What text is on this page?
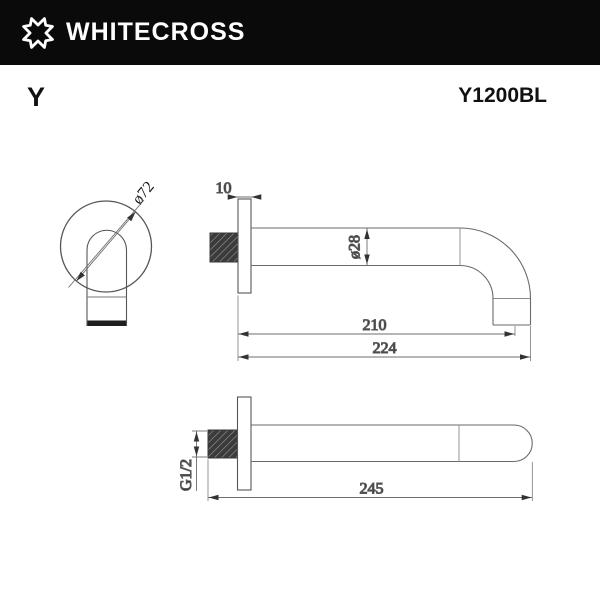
ø72	10
ø28
210
224
G1/2	245
WHITECROSS
Y	Y1200BL
